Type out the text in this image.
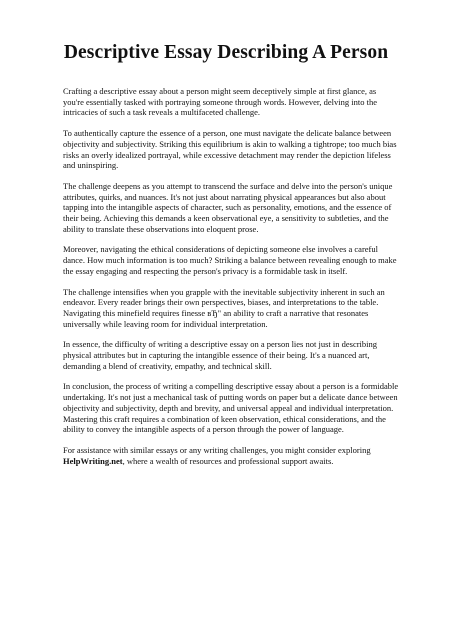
Descriptive Essay Describing A Person

Crafting a descriptive essay about a person might seem deceptively simple at first glance, as you're essentially tasked with portraying someone through words. However, delving into the intricacies of such a task reveals a multifaceted challenge.

To authentically capture the essence of a person, one must navigate the delicate balance between objectivity and subjectivity. Striking this equilibrium is akin to walking a tightrope; too much bias risks an overly idealized portrayal, while excessive detachment may render the depiction lifeless and uninspiring.

The challenge deepens as you attempt to transcend the surface and delve into the person's unique attributes, quirks, and nuances. It's not just about narrating physical appearances but also about tapping into the intangible aspects of character, such as personality, emotions, and the essence of their being. Achieving this demands a keen observational eye, a sensitivity to subtleties, and the ability to translate these observations into eloquent prose.

Moreover, navigating the ethical considerations of depicting someone else involves a careful dance. How much information is too much? Striking a balance between revealing enough to make the essay engaging and respecting the person's privacy is a formidable task in itself.

The challenge intensifies when you grapple with the inevitable subjectivity inherent in such an endeavor. Every reader brings their own perspectives, biases, and interpretations to the table. Navigating this minefield requires finesse вЂ" an ability to craft a narrative that resonates universally while leaving room for individual interpretation.

In essence, the difficulty of writing a descriptive essay on a person lies not just in describing physical attributes but in capturing the intangible essence of their being. It's a nuanced art, demanding a blend of creativity, empathy, and technical skill.

In conclusion, the process of writing a compelling descriptive essay about a person is a formidable undertaking. It's not just a mechanical task of putting words on paper but a delicate dance between objectivity and subjectivity, depth and brevity, and universal appeal and individual interpretation. Mastering this craft requires a combination of keen observation, ethical considerations, and the ability to convey the intangible aspects of a person through the power of language.

For assistance with similar essays or any writing challenges, you might consider exploring HelpWriting.net, where a wealth of resources and professional support awaits.
